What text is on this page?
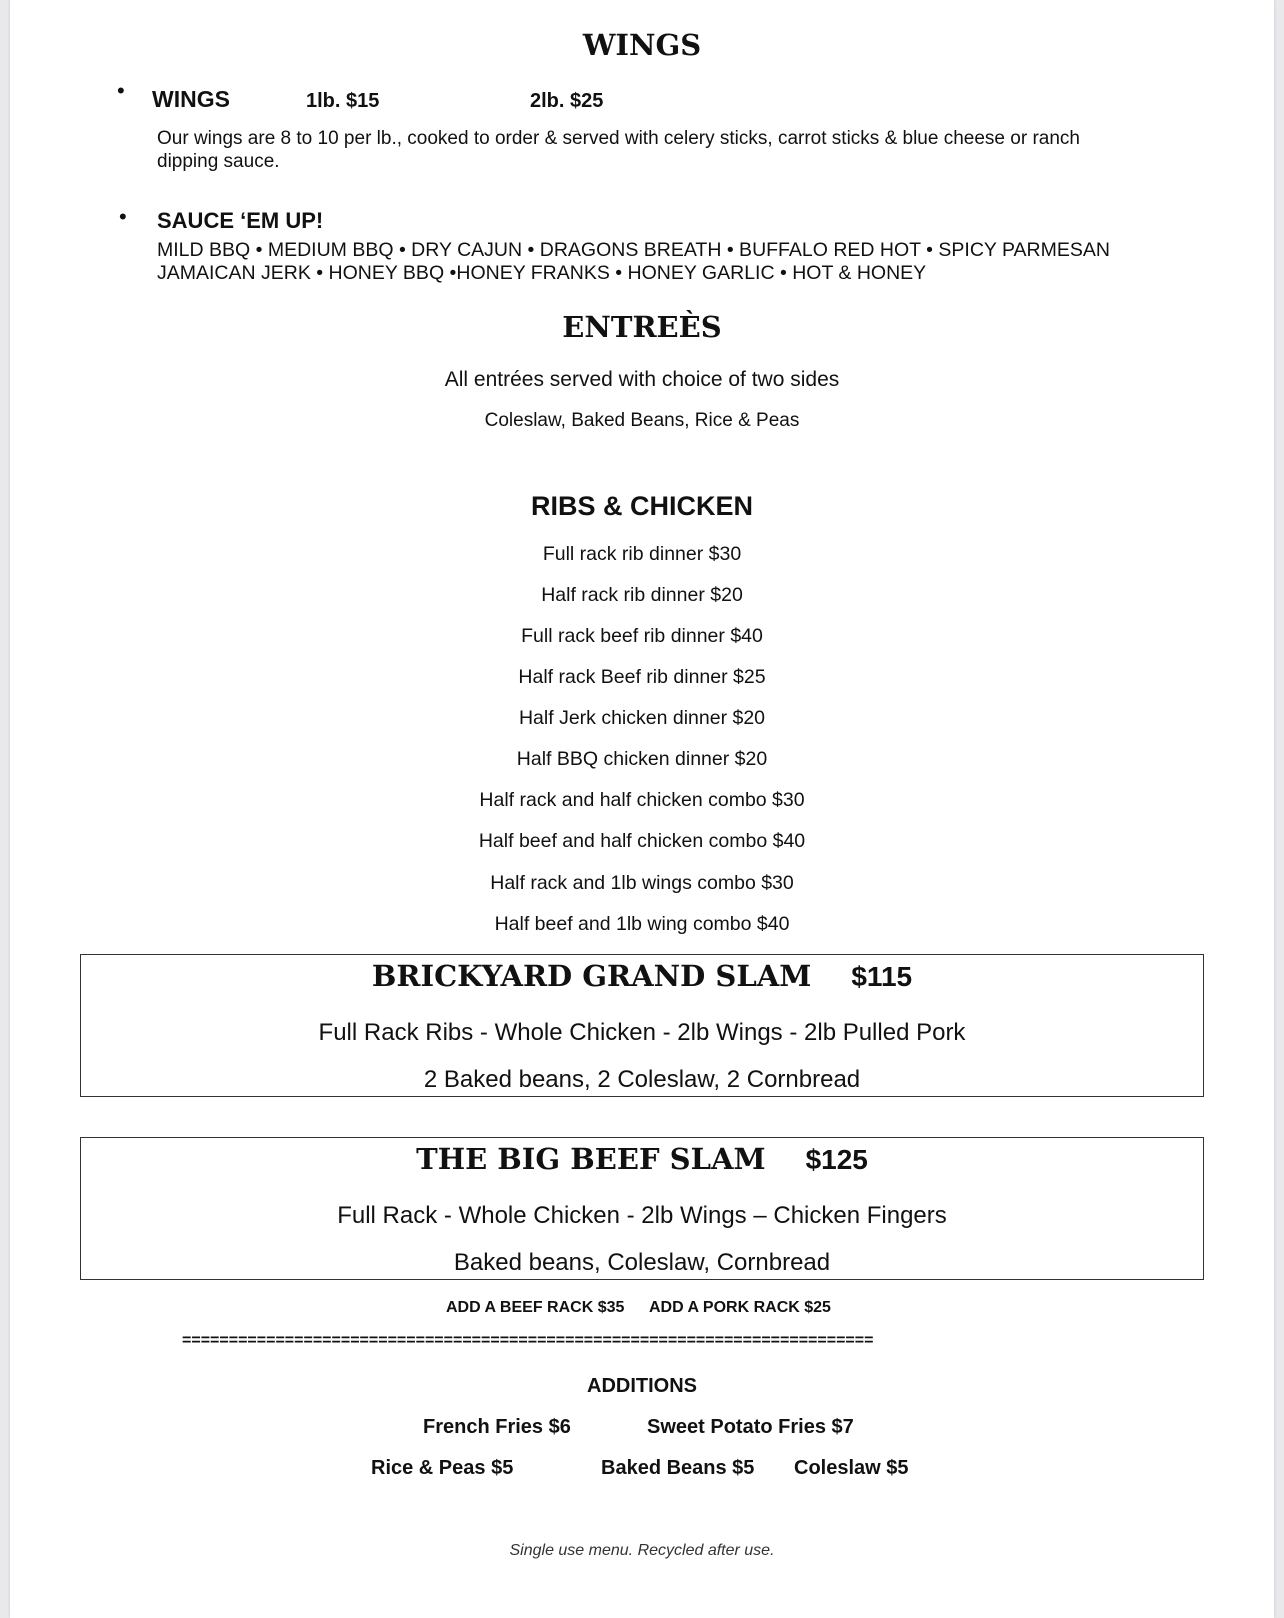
WINGS
• WINGS	1lb. $15	2lb. $25
Our wings are 8 to 10 per lb., cooked to order & served with celery sticks, carrot sticks & blue cheese or ranch
dipping sauce.
• SAUCE ‘EM UP!
MILD BBQ • MEDIUM BBQ • DRY CAJUN • DRAGONS BREATH • BUFFALO RED HOT • SPICY PARMESAN
JAMAICAN JERK • HONEY BBQ •HONEY FRANKS • HONEY GARLIC • HOT & HONEY
ENTREÈS
All entrées served with choice of two sides
Coleslaw, Baked Beans, Rice & Peas
RIBS & CHICKEN
Full rack rib dinner $30
Half rack rib dinner $20
Full rack beef rib dinner $40
Half rack Beef rib dinner $25
Half Jerk chicken dinner $20
Half BBQ chicken dinner $20
Half rack and half chicken combo $30
Half beef and half chicken combo $40
Half rack and 1lb wings combo $30
Half beef and 1lb wing combo $40
BRICKYARD GRAND SLAM $115
Full Rack Ribs - Whole Chicken - 2lb Wings - 2lb Pulled Pork
2 Baked beans, 2 Coleslaw, 2 Cornbread
THE BIG BEEF SLAM $125
Full Rack - Whole Chicken - 2lb Wings – Chicken Fingers
Baked beans, Coleslaw, Cornbread
ADD A BEEF RACK $35 ADD A PORK RACK $25
==========================================================================
ADDITIONS
French Fries $6	Sweet Potato Fries $7
Rice & Peas $5	Baked Beans $5 Coleslaw $5
Single use menu. Recycled after use.
